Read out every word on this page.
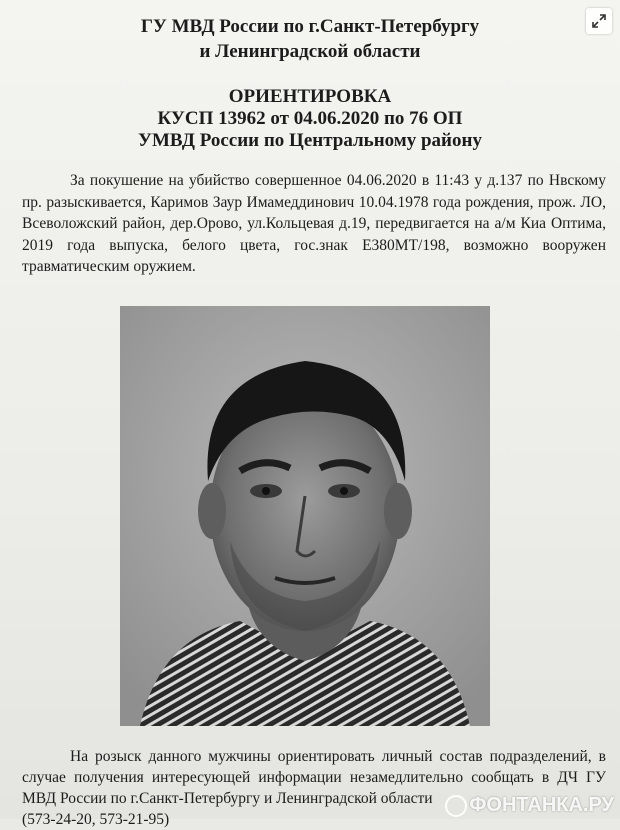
ГУ МВД России по г.Санкт-Петербургу
и Ленинградской области
ОРИЕНТИРОВКА
КУСП 13962 от 04.06.2020 по 76 ОП
УМВД России по Центральному району

За покушение на убийство совершенное 04.06.2020 в 11:43 у д.137 по Нвскому пр. разыскивается, Каримов Заур Имамеддинович 10.04.1978 года рождения, прож. ЛО, Всеволожский район, дер.Орово, ул.Кольцевая д.19, передвигается на а/м Киа Оптима, 2019 года выпуска, белого цвета, гос.знак Е380МТ/198, возможно вооружен травматическим оружием.

На розыск данного мужчины ориентировать личный состав подразделений, в случае получения интересующей информации незамедлительно сообщать в ДЧ ГУ МВД России по г.Санкт-Петербургу и Ленинградской области

(573-24-20, 573-21-95)

ФОНТАНКА.РУ
